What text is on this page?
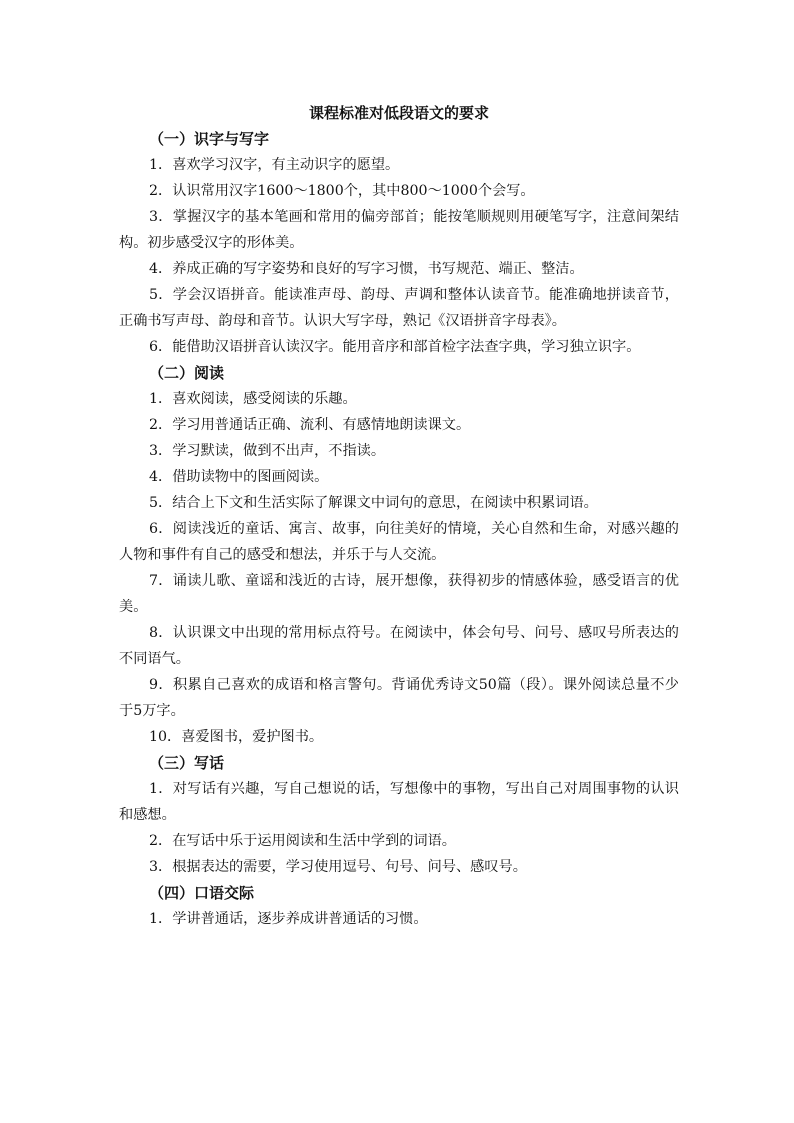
课程标准对低段语文的要求

（一）识字与写字

1．喜欢学习汉字，有主动识字的愿望。

2．认识常用汉字1600～1800个，其中800～1000个会写。

3．掌握汉字的基本笔画和常用的偏旁部首；能按笔顺规则用硬笔写字，注意间架结构。初步感受汉字的形体美。

4．养成正确的写字姿势和良好的写字习惯，书写规范、端正、整洁。

5．学会汉语拼音。能读准声母、韵母、声调和整体认读音节。能准确地拼读音节，正确书写声母、韵母和音节。认识大写字母，熟记《汉语拼音字母表》。

6．能借助汉语拼音认读汉字。能用音序和部首检字法查字典，学习独立识字。

（二）阅读

1．喜欢阅读，感受阅读的乐趣。

2．学习用普通话正确、流利、有感情地朗读课文。

3．学习默读，做到不出声，不指读。

4．借助读物中的图画阅读。

5．结合上下文和生活实际了解课文中词句的意思，在阅读中积累词语。

6．阅读浅近的童话、寓言、故事，向往美好的情境，关心自然和生命，对感兴趣的人物和事件有自己的感受和想法，并乐于与人交流。

7．诵读儿歌、童谣和浅近的古诗，展开想像，获得初步的情感体验，感受语言的优美。

8．认识课文中出现的常用标点符号。在阅读中，体会句号、问号、感叹号所表达的不同语气。

9．积累自己喜欢的成语和格言警句。背诵优秀诗文50篇（段）。课外阅读总量不少于5万字。

10．喜爱图书，爱护图书。

（三）写话

1．对写话有兴趣，写自己想说的话，写想像中的事物，写出自己对周围事物的认识和感想。

2．在写话中乐于运用阅读和生活中学到的词语。

3．根据表达的需要，学习使用逗号、句号、问号、感叹号。

（四）口语交际

1．学讲普通话，逐步养成讲普通话的习惯。
